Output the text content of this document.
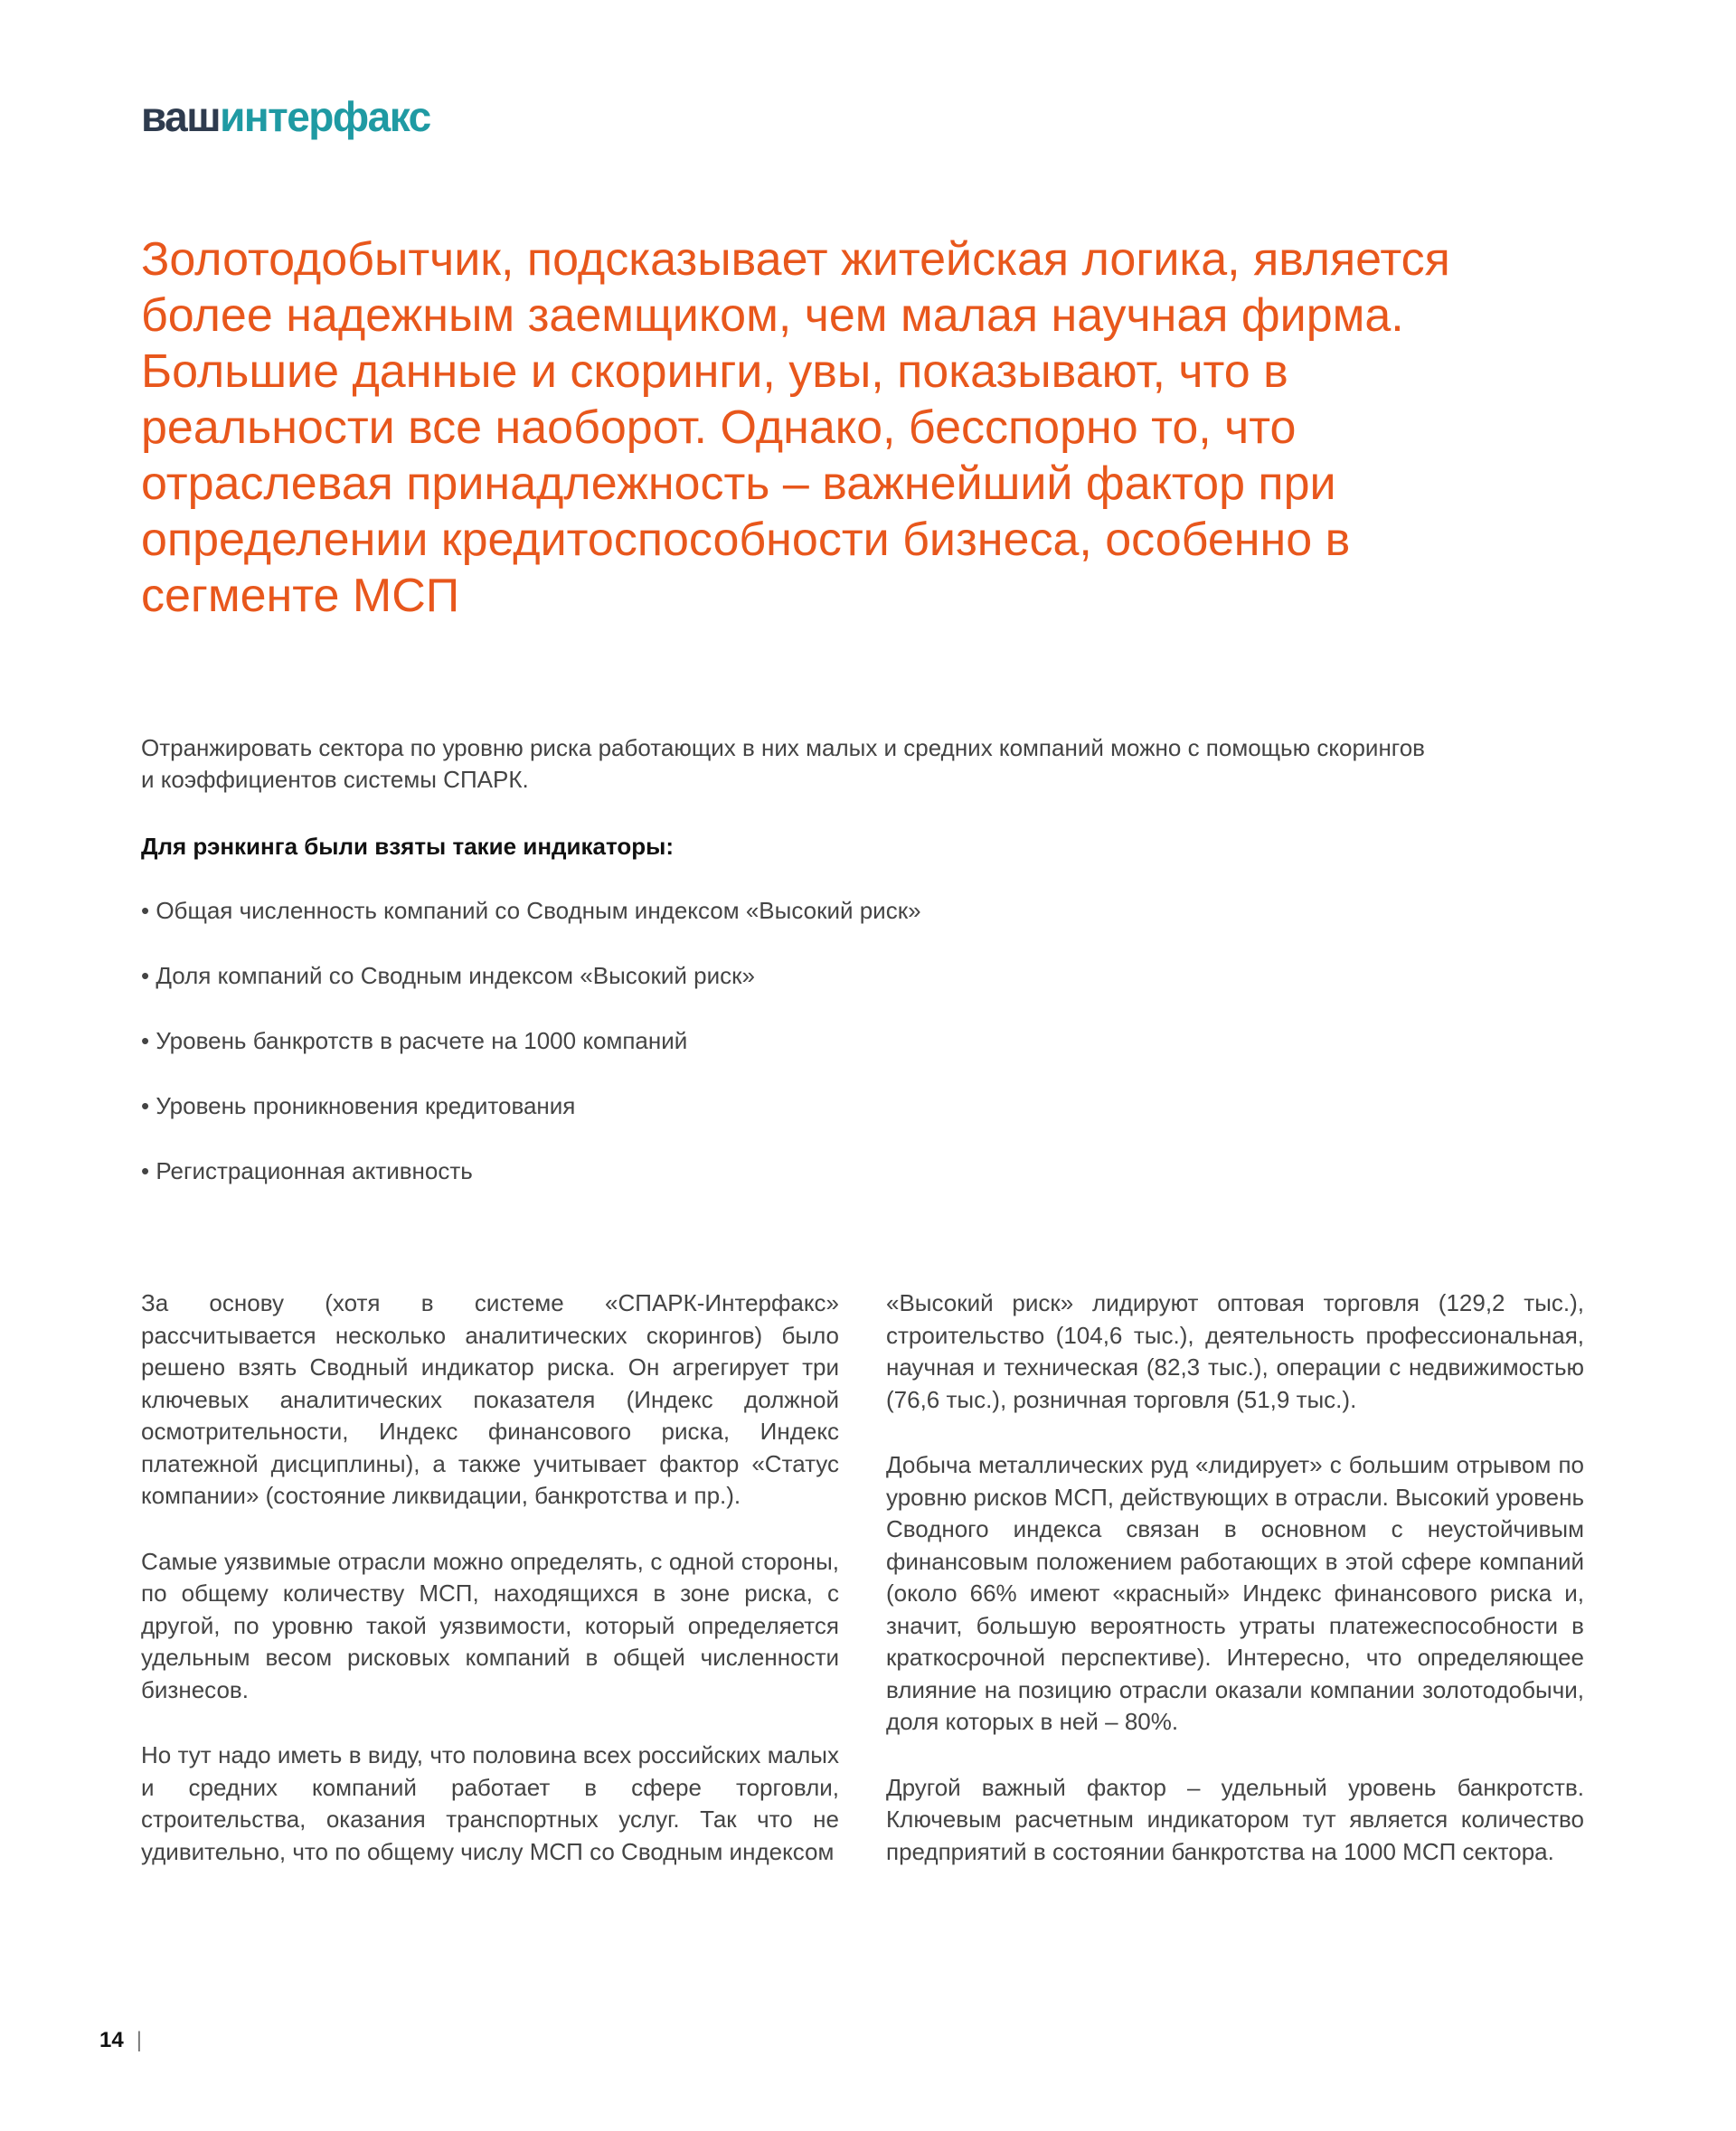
вашинтерфакс
Золотодобытчик, подсказывает житейская логика, является более надежным заемщиком, чем малая научная фирма. Большие данные и скоринги, увы, показывают, что в реальности все наоборот. Однако, бесспорно то, что отраслевая принадлежность – важнейший фактор при определении кредитоспособности бизнеса, особенно в сегменте МСП

Отранжировать сектора по уровню риска работающих в них малых и средних компаний можно с помощью скорингов и коэффициентов системы СПАРК.

Для рэнкинга были взяты такие индикаторы:

• Общая численность компаний со Сводным индексом «Высокий риск»
• Доля компаний со Сводным индексом «Высокий риск»
• Уровень банкротств в расчете на 1000 компаний
• Уровень проникновения кредитования
• Регистрационная активность

За основу (хотя в системе «СПАРК-Интерфакс» рассчитывается несколько аналитических скорингов) было решено взять Сводный индикатор риска. Он агрегирует три ключевых аналитических показателя (Индекс должной осмотрительности, Индекс финансового риска, Индекс платежной дисциплины), а также учитывает фактор «Статус компании» (состояние ликвидации, банкротства и пр.).

Самые уязвимые отрасли можно определять, с одной стороны, по общему количеству МСП, находящихся в зоне риска, с другой, по уровню такой уязвимости, который определяется удельным весом рисковых компаний в общей численности бизнесов.

Но тут надо иметь в виду, что половина всех российских малых и средних компаний работает в сфере торговли, строительства, оказания транспортных услуг. Так что не удивительно, что по общему числу МСП со Сводным индексом

«Высокий риск» лидируют оптовая торговля (129,2 тыс.), строительство (104,6 тыс.), деятельность профессиональная, научная и техническая (82,3 тыс.), операции с недвижимостью (76,6 тыс.), розничная торговля (51,9 тыс.).

Добыча металлических руд «лидирует» с большим отрывом по уровню рисков МСП, действующих в отрасли. Высокий уровень Сводного индекса связан в основном с неустойчивым финансовым положением работающих в этой сфере компаний (около 66% имеют «красный» Индекс финансового риска и, значит, большую вероятность утраты платежеспособности в краткосрочной перспективе). Интересно, что определяющее влияние на позицию отрасли оказали компании золотодобычи, доля которых в ней – 80%.

Другой важный фактор – удельный уровень банкротств. Ключевым расчетным индикатором тут является количество предприятий в состоянии банкротства на 1000 МСП сектора.

14 |
